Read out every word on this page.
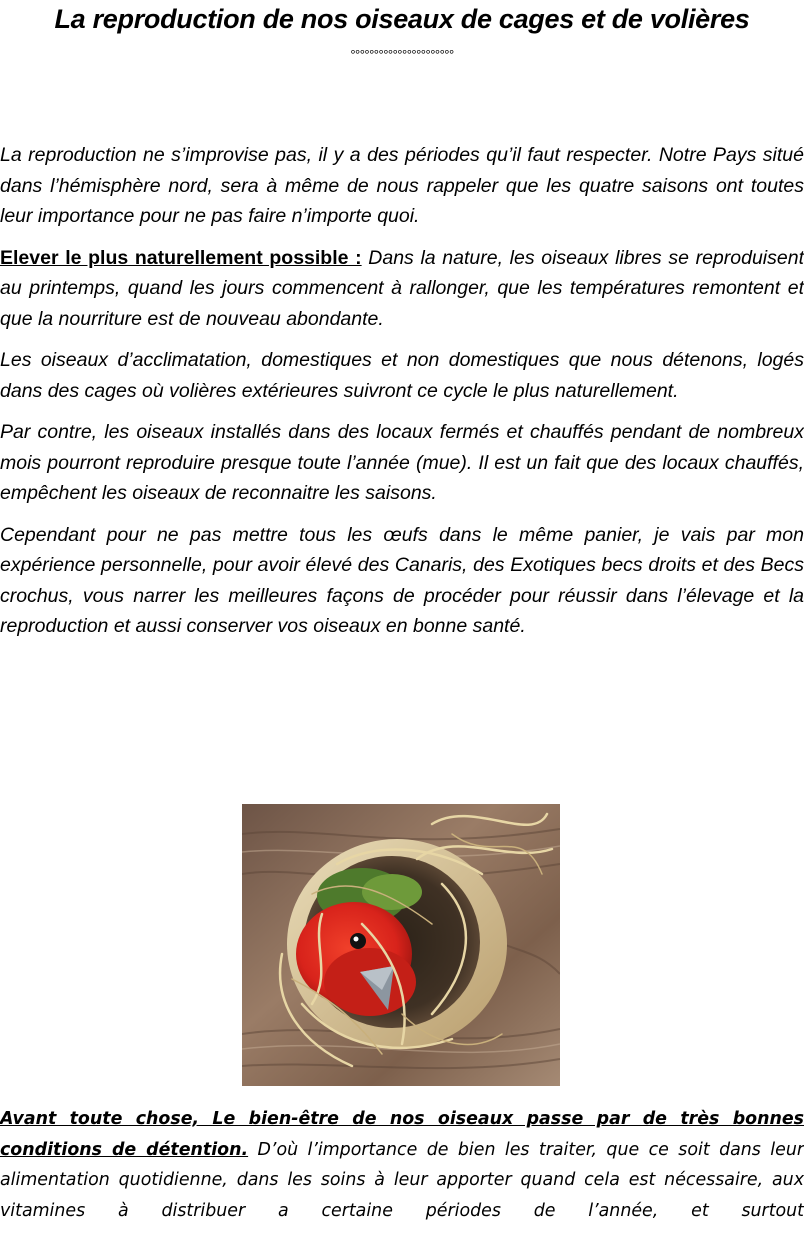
La reproduction de nos oiseaux de cages et de volières
°°°°°°°°°°°°°°°°°°°°°°

La reproduction ne s’improvise pas, il y a des périodes qu’il faut respecter. Notre Pays situé dans l’hémisphère nord, sera à même de nous rappeler que les quatre saisons ont toutes leur importance pour ne pas faire n’importe quoi.

Elever le plus naturellement possible : Dans la nature, les oiseaux libres se reproduisent au printemps, quand les jours commencent à rallonger, que les températures remontent et que la nourriture est de nouveau abondante.

Les oiseaux d’acclimatation, domestiques et non domestiques que nous détenons, logés dans des cages où volières extérieures suivront ce cycle le plus naturellement.

Par contre, les oiseaux installés dans des locaux fermés et chauffés pendant de nombreux mois pourront reproduire presque toute l’année (mue). Il est un fait que des locaux chauffés, empêchent les oiseaux de reconnaitre les saisons.

Cependant pour ne pas mettre tous les œufs dans le même panier, je vais par mon expérience personnelle, pour avoir élevé des Canaris, des Exotiques becs droits et des Becs crochus, vous narrer les meilleures façons de procéder pour réussir dans l’élevage et la reproduction et aussi conserver vos oiseaux en bonne santé.

Avant toute chose, Le bien-être de nos oiseaux passe par de très bonnes conditions de détention. D’où l’importance de bien les traiter, que ce soit dans leur alimentation quotidienne, dans les soins à leur apporter quand cela est nécessaire, aux vitamines à distribuer a certaine périodes de l’année, et surtout
